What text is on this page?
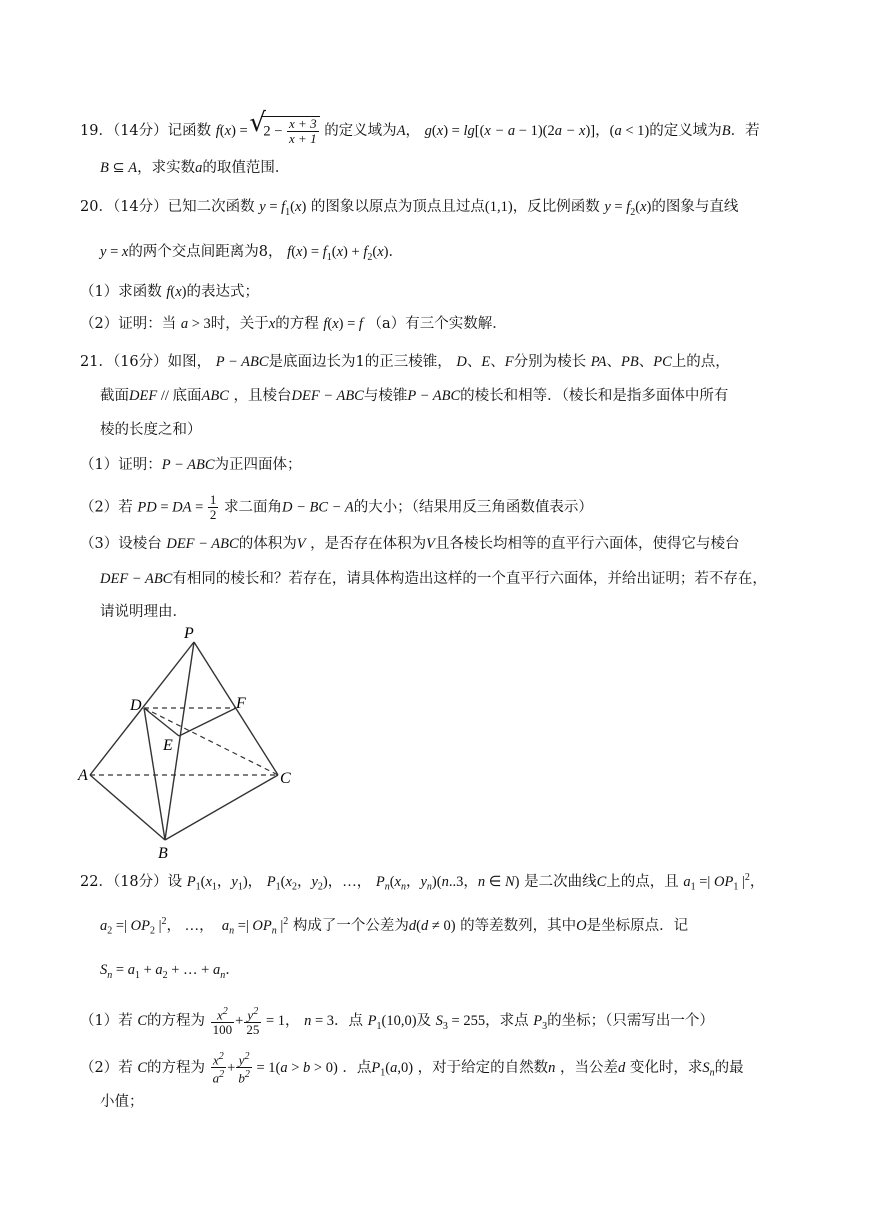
19．（14分）记函数 f(x) = √ $2 - \frac{x + 3}{x + 1}$ 的定义域为A， g(x) = lg[(x − a − 1)(2a − x)]，(a < 1)的定义域为B．若
B ⊆ A，求实数a的取值范围．
20．（14分）已知二次函数 $y = f_1(x)$ 的图象以原点为顶点且过点(1,1)，反比例函数 $y = f_2(x)$的图象与直线
y = x的两个交点间距离为8， $f(x) = f_1(x) + f_2(x)$．
（1）求函数 f(x)的表达式；
（2）证明：当 a > 3时，关于x的方程 f(x) = f （a）有三个实数解．
21．（16分）如图， P − ABC是底面边长为1的正三棱锥， D、E、F分别为棱长 PA、PB、PC上的点，
截面DEF // 底面ABC ，且棱台DEF − ABC与棱锥P − ABC的棱长和相等．（棱长和是指多面体中所有
棱的长度之和）
（1）证明：P − ABC为正四面体；
（2）若 PD = DA = $\frac{1}{2}$ 求二面角D − BC − A的大小；（结果用反三角函数值表示）
（3）设棱台 DEF − ABC的体积为V ，是否存在体积为V且各棱长均相等的直平行六面体，使得它与棱台
DEF − ABC有相同的棱长和？若存在，请具体构造出这样的一个直平行六面体，并给出证明；若不存在，
请说明理由．
P
D	F
E
A	C
B
22．（18分）设 $P_1(x_1$，$y_1$)， $P_1(x_2$，$y_2$)，…， $P_n(x_n$，$y_n)(n..3$，n ∈ N) 是二次曲线C上的点，且 $a_1$ =| $OP_1$ $|^2$，
$a_2$ =| $OP_2$ $|^2$， …，  $a_n$ =| $OP_n$ $|^2$ 构成了一个公差为d(d ≠ 0) 的等差数列，其中O是坐标原点．记
$S_n = a_1 + a_2$ + … + $a_n$．
（1）若 C的方程为 $\frac{x^2}{100} + \frac{y^2}{25} = 1$， n = 3．点 $P_1(10,0)$及 $S_3 = 255$，求点 $P_3$的坐标；（只需写出一个）
（2）若 C的方程为 $\frac{x^2}{a^2} + \frac{y^2}{b^2} = 1(a > b > 0)$ ．点$P_1(a,0)$ ，对于给定的自然数n ，当公差d 变化时，求$S_n$的最
小值；
